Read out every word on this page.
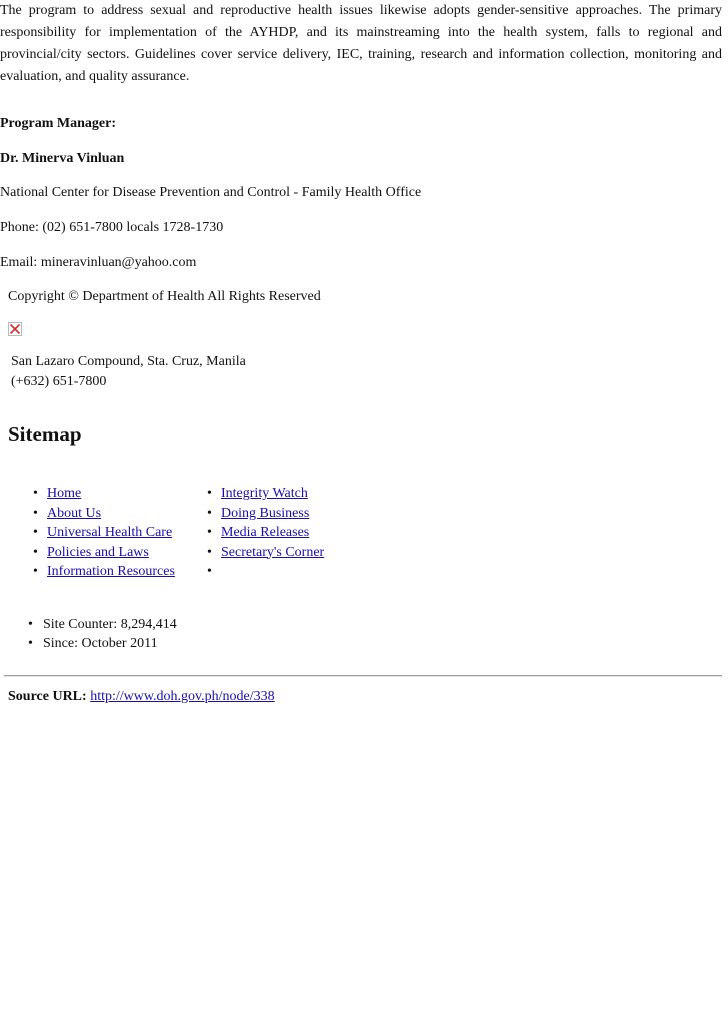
The program to address sexual and reproductive health issues likewise adopts gender-sensitive approaches. The primary responsibility for implementation of the AYHDP, and its mainstreaming into the health system, falls to regional and provincial/city sectors. Guidelines cover service delivery, IEC, training, research and information collection, monitoring and evaluation, and quality assurance.

Program Manager:

Dr. Minerva Vinluan

National Center for Disease Prevention and Control - Family Health Office

Phone: (02) 651-7800 locals 1728-1730

Email: mineravinluan@yahoo.com

Copyright © Department of Health All Rights Reserved

San Lazaro Compound, Sta. Cruz, Manila

(+632) 651-7800

Sitemap
• Home
• About Us
• Universal Health Care
• Policies and Laws
• Information Resources
• Integrity Watch
• Doing Business
• Media Releases
• Secretary's Corner
•
• Site Counter: 8,294,414
• Since: October 2011

Source URL: http://www.doh.gov.ph/node/338
